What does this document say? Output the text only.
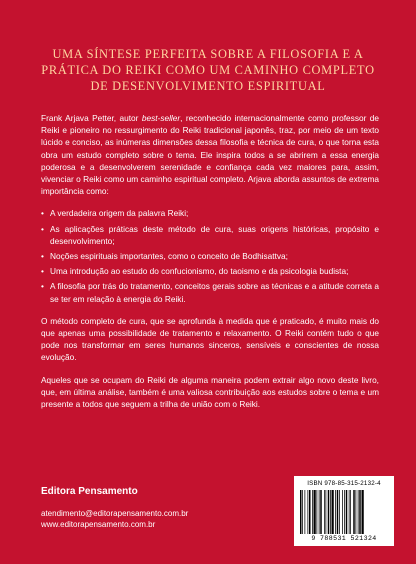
UMA SÍNTESE PERFEITA SOBRE A FILOSOFIA E A PRÁTICA DO REIKI COMO UM CAMINHO COMPLETO DE DESENVOLVIMENTO ESPIRITUAL

Frank Arjava Petter, autor best-seller, reconhecido internacionalmente como professor de Reiki e pioneiro no ressurgimento do Reiki tradicional japonês, traz, por meio de um texto lúcido e conciso, as inúmeras dimensões dessa filosofia e técnica de cura, o que torna esta obra um estudo completo sobre o tema. Ele inspira todos a se abrirem a essa energia poderosa e a desenvolverem serenidade e confiança cada vez maiores para, assim, vivenciar o Reiki como um caminho espiritual completo. Arjava aborda assuntos de extrema importância como:

• A verdadeira origem da palavra Reiki;
• As aplicações práticas deste método de cura, suas origens históricas, propósito e desenvolvimento;
• Noções espirituais importantes, como o conceito de Bodhisattva;
• Uma introdução ao estudo do confucionismo, do taoismo e da psicologia budista;
• A filosofia por trás do tratamento, conceitos gerais sobre as técnicas e a atitude correta a se ter em relação à energia do Reiki.

O método completo de cura, que se aprofunda à medida que é praticado, é muito mais do que apenas uma possibilidade de tratamento e relaxamento. O Reiki contém tudo o que pode nos transformar em seres humanos sinceros, sensíveis e conscientes de nossa evolução.

Aqueles que se ocupam do Reiki de alguma maneira podem extrair algo novo deste livro, que, em última análise, também é uma valiosa contribuição aos estudos sobre o tema e um presente a todos que seguem a trilha de união com o Reiki.

Editora Pensamento
atendimento@editorapensamento.com.br
www.editorapensamento.com.br
ISBN 978-85-315-2132-4
9 788531 521324
